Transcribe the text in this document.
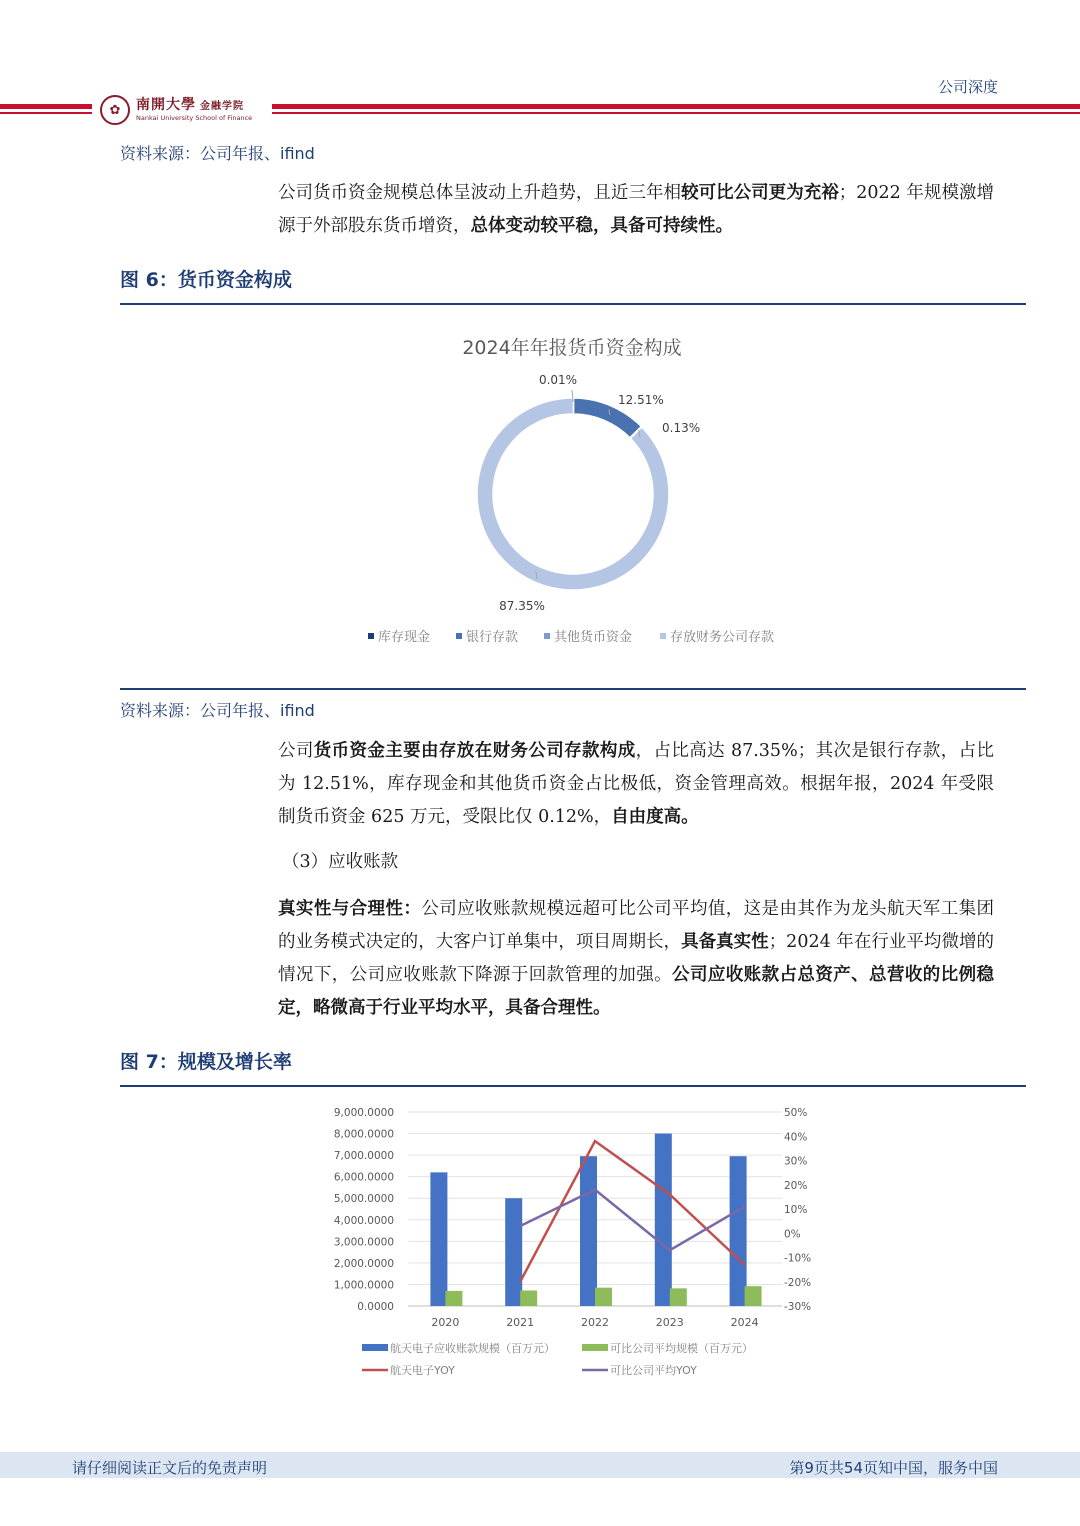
公司深度
✿	南開大學 金融学院
Nankai University School of Finance
资料来源：公司年报、ifind

公司货币资金规模总体呈波动上升趋势，且近三年相较可比公司更为充裕；2022 年规模激增源于外部股东货币增资，总体变动较平稳，具备可持续性。

图 6：货币资金构成
2024年年报货币资金构成
0.01%
12.51%
0.13%
87.35%
库存现金	银行存款	其他货币资金	存放财务公司存款
资料来源：公司年报、ifind

公司货币资金主要由存放在财务公司存款构成，占比高达 87.35%；其次是银行存款，占比为 12.51%，库存现金和其他货币资金占比极低，资金管理高效。根据年报，2024 年受限制货币资金 625 万元，受限比仅 0.12%，自由度高。

（3）应收账款

真实性与合理性：公司应收账款规模远超可比公司平均值，这是由其作为龙头航天军工集团的业务模式决定的，大客户订单集中，项目周期长，具备真实性；2024 年在行业平均微增的情况下，公司应收账款下降源于回款管理的加强。公司应收账款占总资产、总营收的比例稳定，略微高于行业平均水平，具备合理性。

图 7：规模及增长率
9,000.0000
8,000.0000
7,000.0000
6,000.0000
5,000.0000
4,000.0000
3,000.0000
2,000.0000
1,000.0000
0.0000
50%
40%
30%
20%
10%
0%
-10%
-20%
-30%
2020	2021	2022	2023	2024
航天电子应收账款规模（百万元）	可比公司平均规模（百万元）
航天电子YOY	可比公司平均YOY
请仔细阅读正文后的免责声明	第9页共54页知中国，服务中国
